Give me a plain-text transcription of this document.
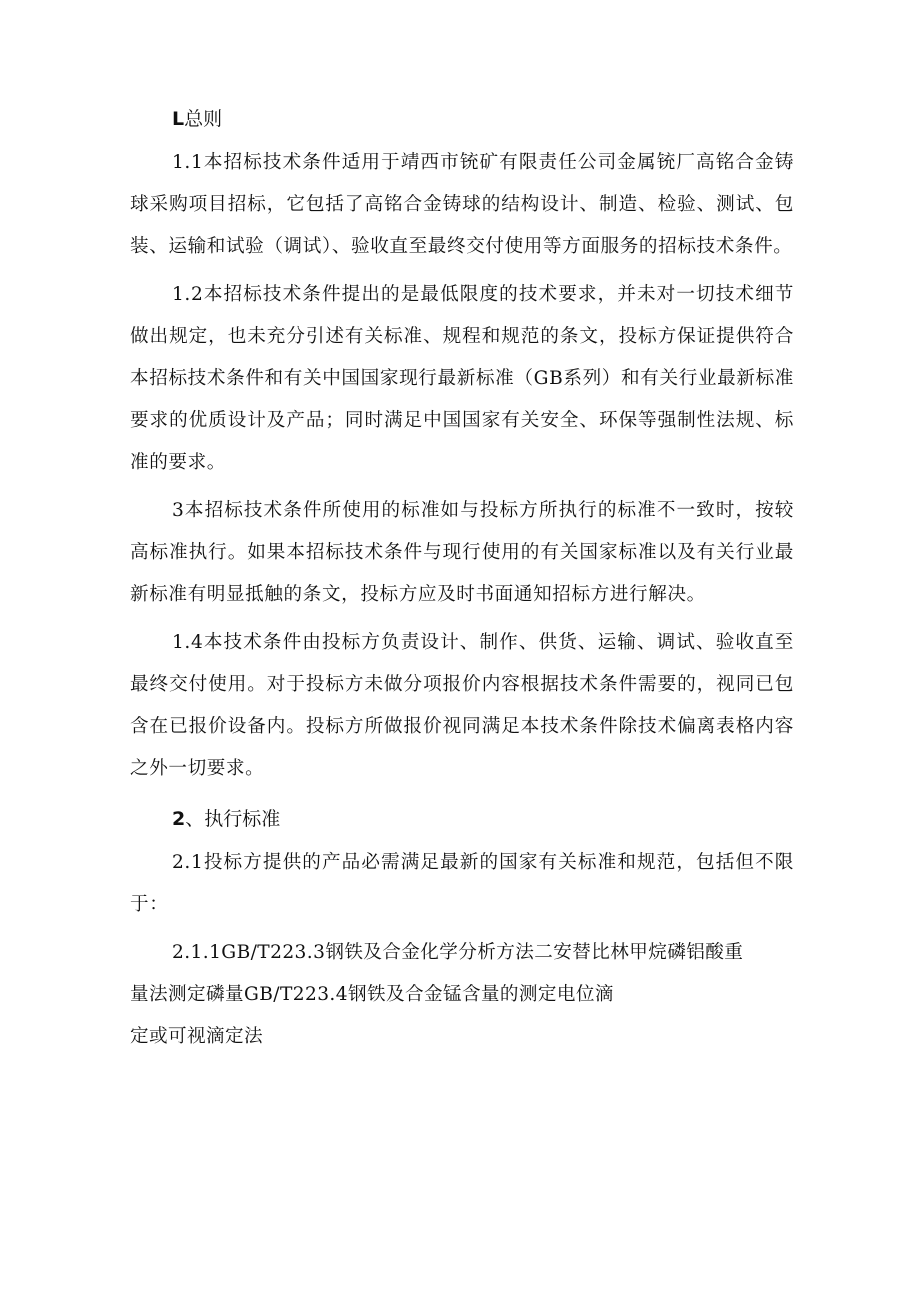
L总则

1.1本招标技术条件适用于靖西市铳矿有限责任公司金属铳厂高铭合金铸球采购项目招标，它包括了高铭合金铸球的结构设计、制造、检验、测试、包装、运输和试验（调试）、验收直至最终交付使用等方面服务的招标技术条件。

1.2本招标技术条件提出的是最低限度的技术要求，并未对一切技术细节做出规定，也未充分引述有关标准、规程和规范的条文，投标方保证提供符合本招标技术条件和有关中国国家现行最新标准（GB系列）和有关行业最新标准要求的优质设计及产品；同时满足中国国家有关安全、环保等强制性法规、标准的要求。

3本招标技术条件所使用的标准如与投标方所执行的标准不一致时，按较高标准执行。如果本招标技术条件与现行使用的有关国家标准以及有关行业最新标准有明显抵触的条文，投标方应及时书面通知招标方进行解决。

1.4本技术条件由投标方负责设计、制作、供货、运输、调试、验收直至最终交付使用。对于投标方未做分项报价内容根据技术条件需要的，视同已包含在已报价设备内。投标方所做报价视同满足本技术条件除技术偏离表格内容之外一切要求。

2、执行标准

2.1投标方提供的产品必需满足最新的国家有关标准和规范，包括但不限于：

2.1.1GB/T223.3钢铁及合金化学分析方法二安替比林甲烷磷铝酸重

量法测定磷量GB/T223.4钢铁及合金锰含量的测定电位滴

定或可视滴定法
